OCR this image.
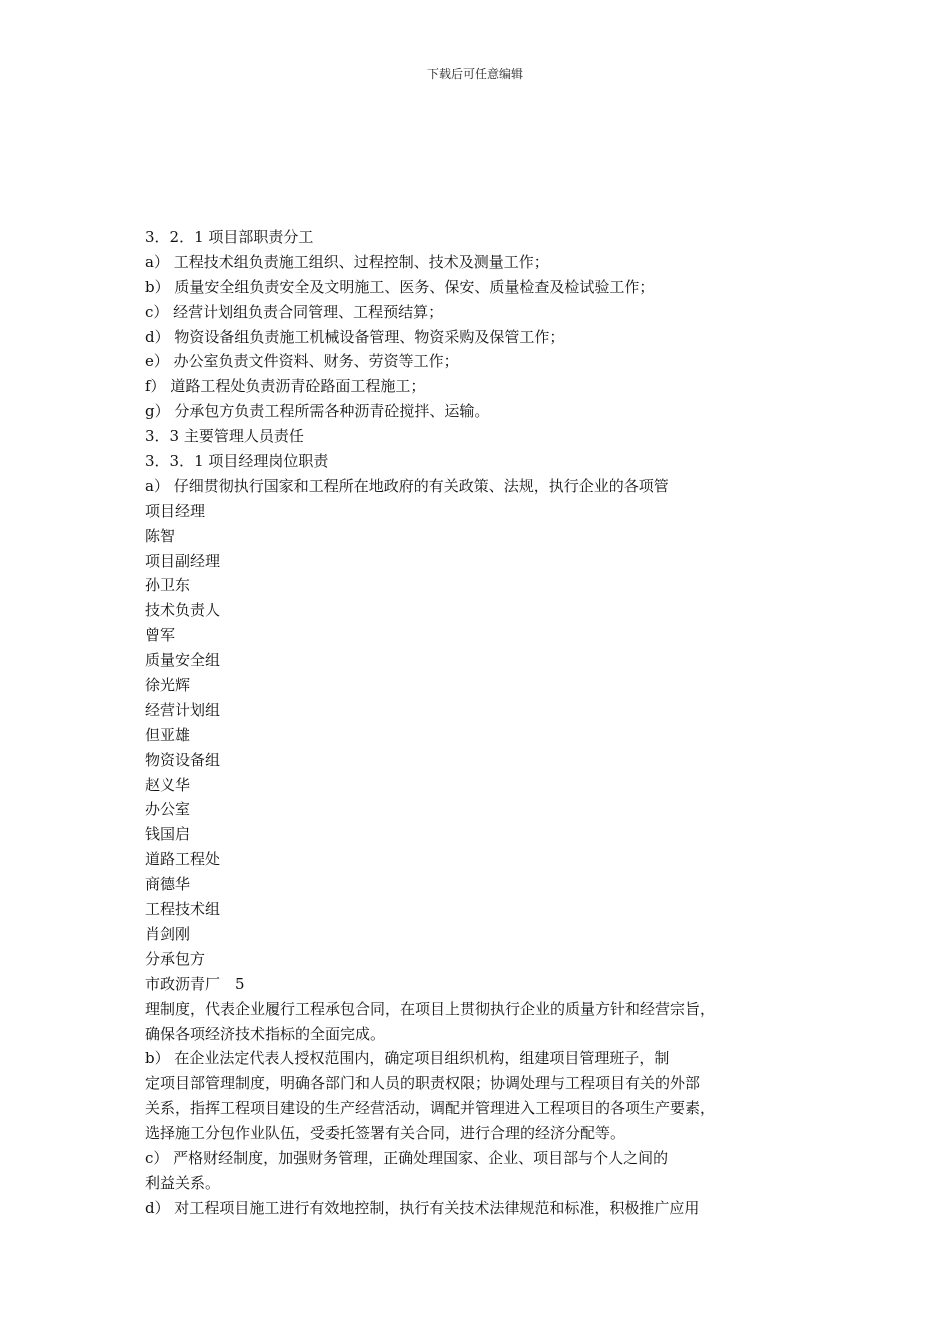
下载后可任意编辑
3．2．1 项目部职责分工
a） 工程技术组负责施工组织、过程控制、技术及测量工作；
b） 质量安全组负责安全及文明施工、医务、保安、质量检查及检试验工作；
c） 经营计划组负责合同管理、工程预结算；
d） 物资设备组负责施工机械设备管理、物资采购及保管工作；
e） 办公室负责文件资料、财务、劳资等工作；
f） 道路工程处负责沥青砼路面工程施工；
g） 分承包方负责工程所需各种沥青砼搅拌、运输。
3．3 主要管理人员责任
3．3．1 项目经理岗位职责
a） 仔细贯彻执行国家和工程所在地政府的有关政策、法规，执行企业的各项管
项目经理
陈智
项目副经理
孙卫东
技术负责人
曾军
质量安全组
徐光辉
经营计划组
但亚雄
物资设备组
赵义华
办公室
钱国启
道路工程处
商德华
工程技术组
肖剑刚
分承包方
市政沥青厂　5
理制度，代表企业履行工程承包合同，在项目上贯彻执行企业的质量方针和经营宗旨，
确保各项经济技术指标的全面完成。
b） 在企业法定代表人授权范围内，确定项目组织机构，组建项目管理班子，制
定项目部管理制度，明确各部门和人员的职责权限；协调处理与工程项目有关的外部
关系，指挥工程项目建设的生产经营活动，调配并管理进入工程项目的各项生产要素，
选择施工分包作业队伍，受委托签署有关合同，进行合理的经济分配等。
c） 严格财经制度，加强财务管理，正确处理国家、企业、项目部与个人之间的
利益关系。
d） 对工程项目施工进行有效地控制，执行有关技术法律规范和标准，积极推广应用
